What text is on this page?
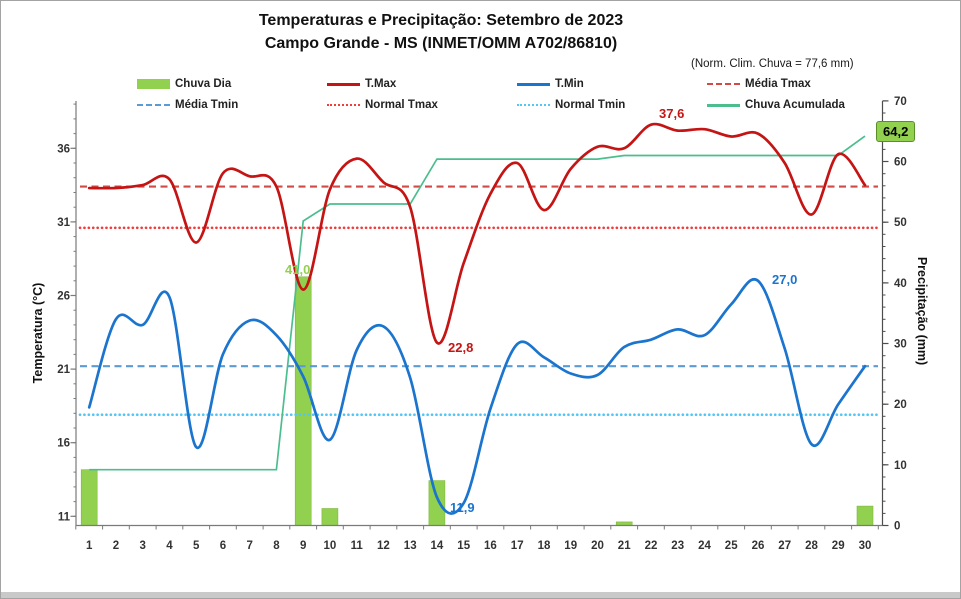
11
16
21
26
31
36
0
10
20
30
40
50
60
70
1 2 3 4 5 6 7 8 9 10 11 12 13 14 15 16 17 18 19 20 21 22 23 24 25 26 27 28 29 30
Temperaturas e Precipitação: Setembro de 2023
Campo Grande - MS (INMET/OMM A702/86810)
(Norm. Clim. Chuva = 77,6 mm)
Chuva Dia	T.Max	T.Min	Média Tmax
Média Tmin	Normal Tmax	Normal Tmin	Chuva Acumulada
Temperatura (°C)	Precipitação (mm)
37,6
22,8
11,9
27,0
41,0
64,2
